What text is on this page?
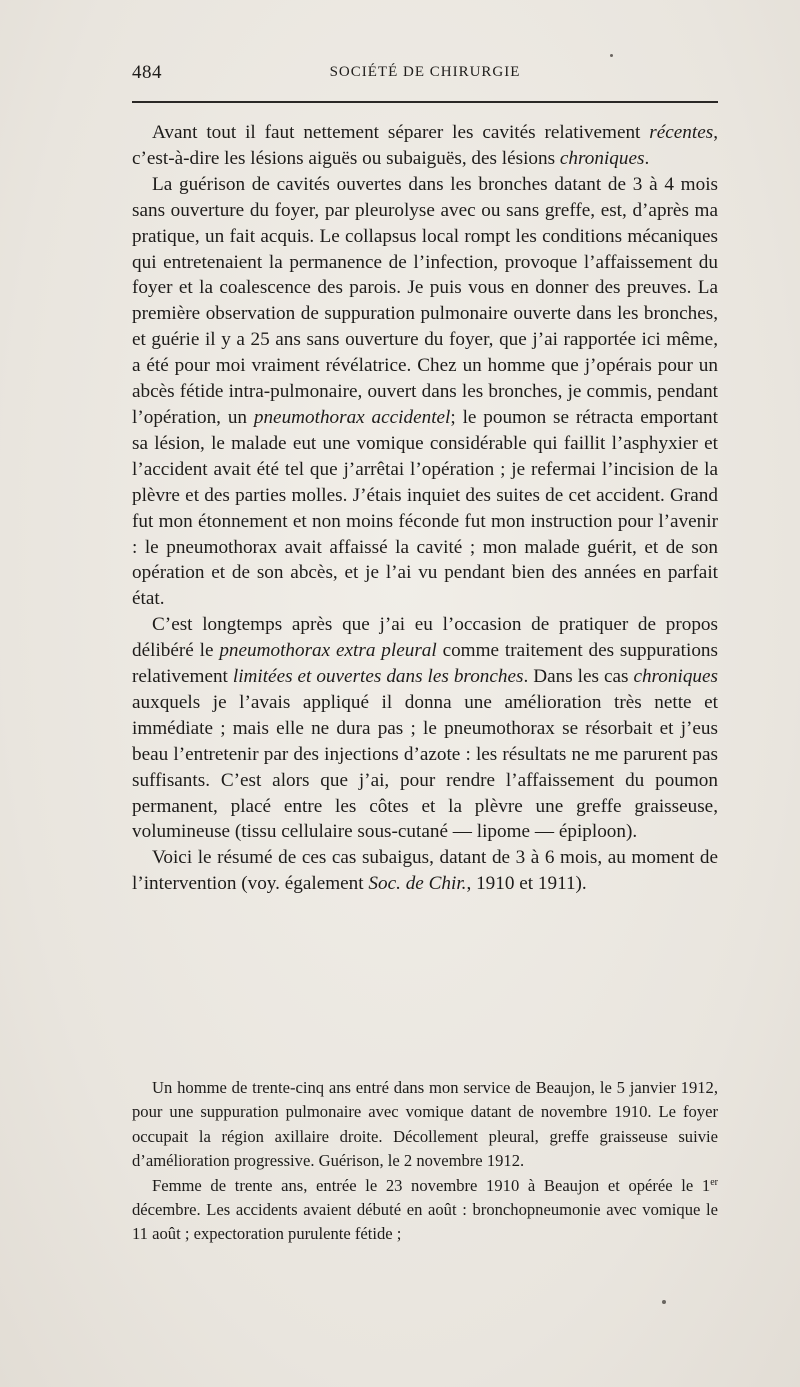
484	SOCIÉTÉ DE CHIRURGIE

Avant tout il faut nettement séparer les cavités relativement récentes, c’est-à-dire les lésions aiguës ou subaiguës, des lésions chroniques.

La guérison de cavités ouvertes dans les bronches datant de 3 à 4 mois sans ouverture du foyer, par pleurolyse avec ou sans greffe, est, d’après ma pratique, un fait acquis. Le collapsus local rompt les conditions mécaniques qui entretenaient la permanence de l’infection, provoque l’affaissement du foyer et la coalescence des parois. Je puis vous en donner des preuves. La première observation de suppuration pulmonaire ouverte dans les bronches, et guérie il y a 25 ans sans ouverture du foyer, que j’ai rapportée ici même, a été pour moi vraiment révélatrice. Chez un homme que j’opérais pour un abcès fétide intra-pulmonaire, ouvert dans les bronches, je commis, pendant l’opération, un pneumothorax accidentel; le poumon se rétracta emportant sa lésion, le malade eut une vomique considérable qui faillit l’asphyxier et l’accident avait été tel que j’arrêtai l’opération ; je refermai l’incision de la plèvre et des parties molles. J’étais inquiet des suites de cet accident. Grand fut mon étonnement et non moins féconde fut mon instruction pour l’avenir : le pneumothorax avait affaissé la cavité ; mon malade guérit, et de son opération et de son abcès, et je l’ai vu pendant bien des années en parfait état.

C’est longtemps après que j’ai eu l’occasion de pratiquer de propos délibéré le pneumothorax extra pleural comme traitement des suppurations relativement limitées et ouvertes dans les bronches. Dans les cas chroniques auxquels je l’avais appliqué il donna une amélioration très nette et immédiate ; mais elle ne dura pas ; le pneumothorax se résorbait et j’eus beau l’entretenir par des injections d’azote : les résultats ne me parurent pas suffisants. C’est alors que j’ai, pour rendre l’affaissement du poumon permanent, placé entre les côtes et la plèvre une greffe graisseuse, volumineuse (tissu cellulaire sous-cutané — lipome — épiploon).

Voici le résumé de ces cas subaigus, datant de 3 à 6 mois, au moment de l’intervention (voy. également Soc. de Chir., 1910 et 1911).

Un homme de trente-cinq ans entré dans mon service de Beaujon, le 5 janvier 1912, pour une suppuration pulmonaire avec vomique datant de novembre 1910. Le foyer occupait la région axillaire droite. Décollement pleural, greffe graisseuse suivie d’amélioration progressive. Guérison, le 2 novembre 1912.

Femme de trente ans, entrée le 23 novembre 1910 à Beaujon et opérée le 1er décembre. Les accidents avaient débuté en août : bronchopneumonie avec vomique le 11 août ; expectoration purulente fétide ;
